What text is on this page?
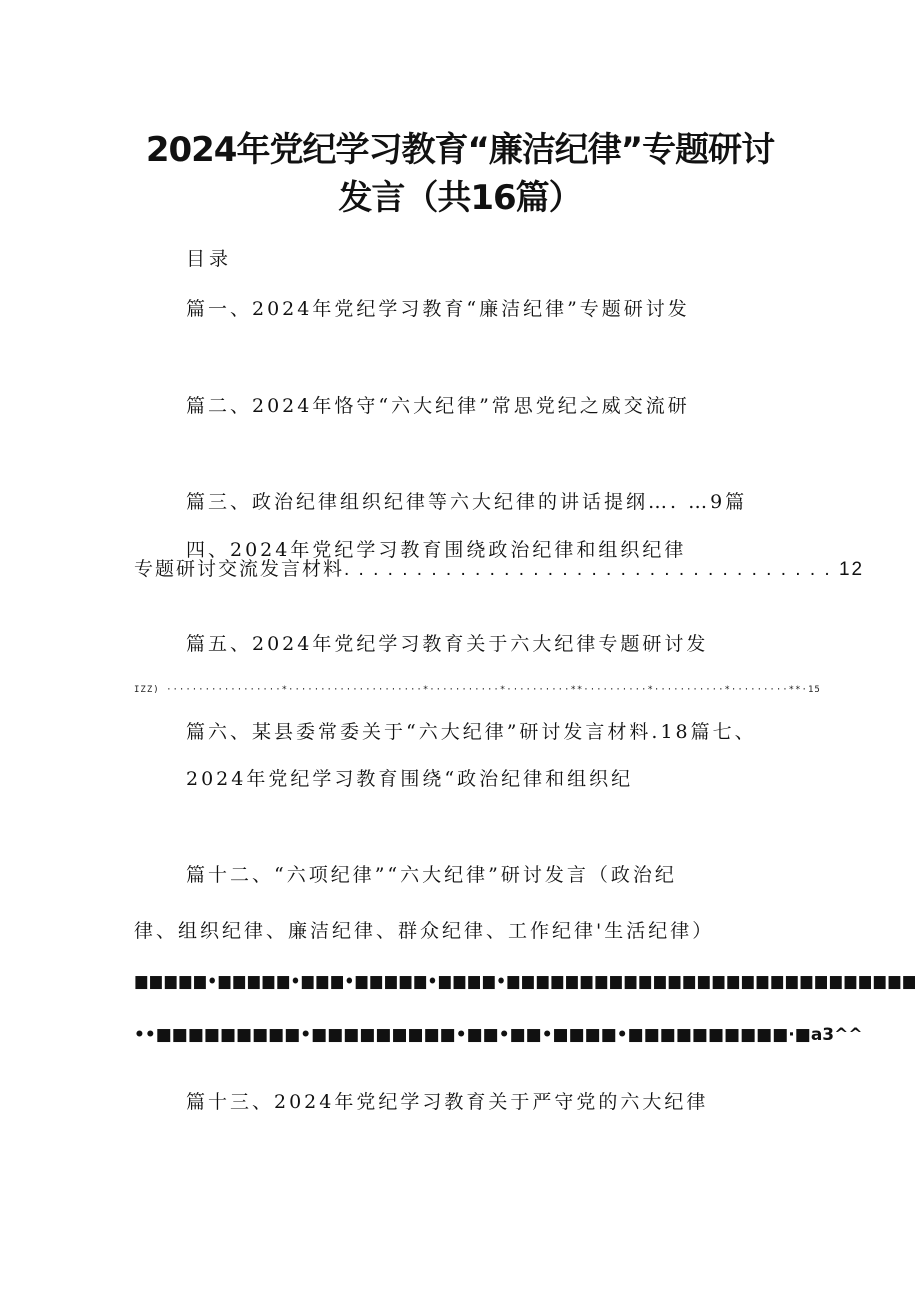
2024年党纪学习教育“廉洁纪律”专题研讨
发言（共16篇）
目录
篇一、2024年党纪学习教育“廉洁纪律”专题研讨发
篇二、2024年恪守“六大纪律”常思党纪之威交流研
篇三、政治纪律组织纪律等六大纪律的讲话提纲…. …9篇
四、2024年党纪学习教育围绕政治纪律和组织纪律
专题研讨交流发言材料. . . . . . . . . . . . . . . . . . . . . . . . . . . . . . . . . . 12
篇五、2024年党纪学习教育关于六大纪律专题研讨发
IZZ) ··················*·····················*···········*··········**··········*···········*·········**·15
篇六、某县委常委关于“六大纪律”研讨发言材料.18篇七、
2024年党纪学习教育围绕“政治纪律和组织纪
篇十二、“六项纪律”“六大纪律”研讨发言（政治纪
律、组织纪律、廉洁纪律、群众纪律、工作纪律'生活纪律）
■■■■■•■■■■■•■■■•■■■■■•■■■■•■■■■■■■■■■■■■■■■■■■■■■■■■■■■
••■■■■■■■■■•■■■■■■■■■•■■•■■•■■■■•■■■■■■■■■■·■a3^^
篇十三、2024年党纪学习教育关于严守党的六大纪律
